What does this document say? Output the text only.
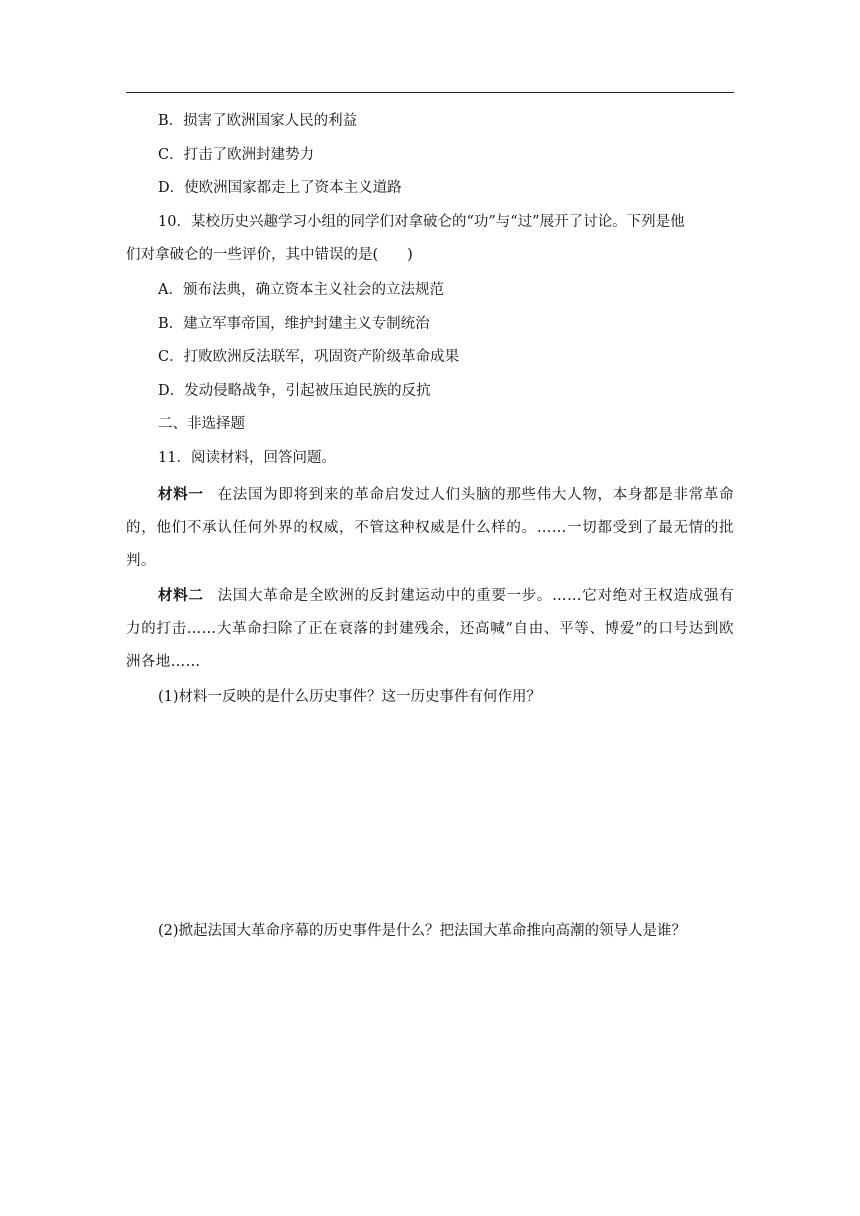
B．损害了欧洲国家人民的利益
C．打击了欧洲封建势力
D．使欧洲国家都走上了资本主义道路
10．某校历史兴趣学习小组的同学们对拿破仑的“功”与“过”展开了讨论。下列是他
们对拿破仑的一些评价，其中错误的是(　　)
A．颁布法典，确立资本主义社会的立法规范
B．建立军事帝国，维护封建主义专制统治
C．打败欧洲反法联军，巩固资产阶级革命成果
D．发动侵略战争，引起被压迫民族的反抗
二、非选择题
11．阅读材料，回答问题。
材料一 在法国为即将到来的革命启发过人们头脑的那些伟大人物，本身都是非常革命的，他们不承认任何外界的权威，不管这种权威是什么样的。……一切都受到了最无情的批判。
材料二 法国大革命是全欧洲的反封建运动中的重要一步。……它对绝对王权造成强有力的打击……大革命扫除了正在衰落的封建残余，还高喊“自由、平等、博爱”的口号达到欧洲各地……
(1)材料一反映的是什么历史事件？这一历史事件有何作用？
(2)掀起法国大革命序幕的历史事件是什么？把法国大革命推向高潮的领导人是谁？
